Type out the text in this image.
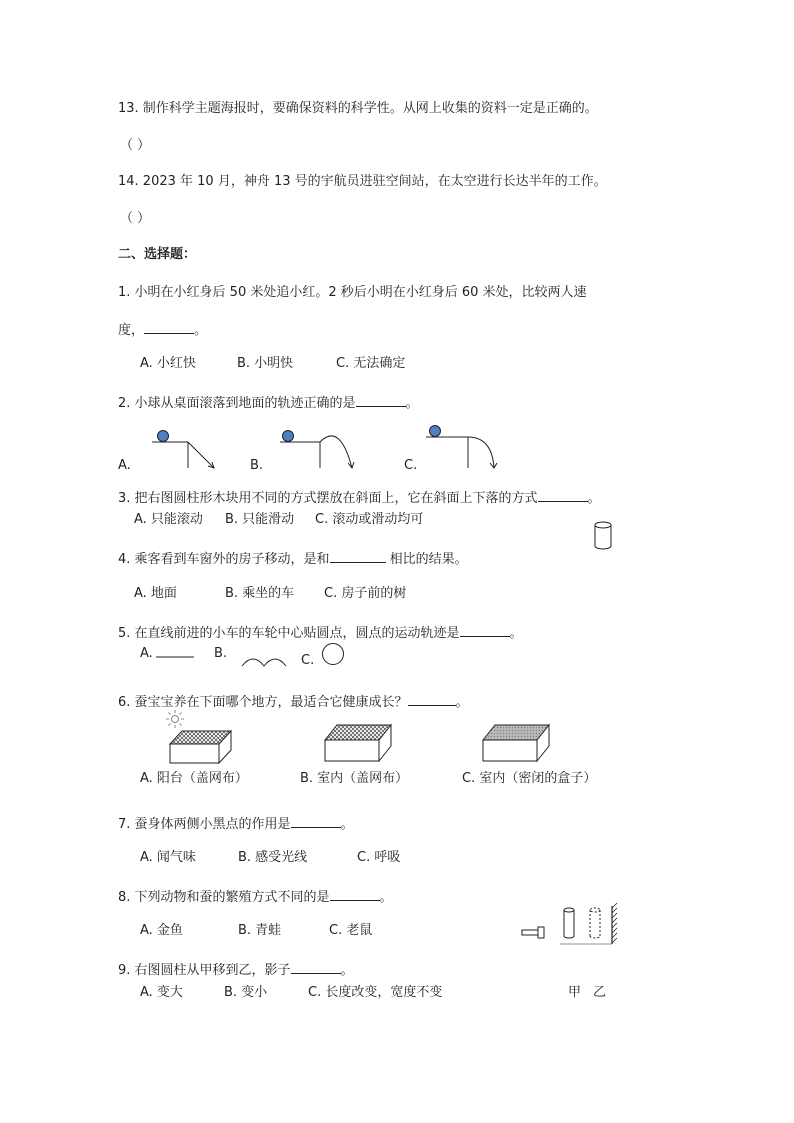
13. 制作科学主题海报时，要确保资料的科学性。从网上收集的资料一定是正确的。
（ ）
14. 2023 年 10 月，神舟 13 号的宇航员进驻空间站，在太空进行长达半年的工作。
（ ）
二、选择题：
1. 小明在小红身后 50 米处追小红。2 秒后小明在小红身后 60 米处，比较两人速
度，	。
A. 小红快	B. 小明快	C. 无法确定
2. 小球从桌面滚落到地面的轨迹正确的是	。
A.	B.	C.
3. 把右图圆柱形木块用不同的方式摆放在斜面上，它在斜面上下落的方式	。
A. 只能滚动 B. 只能滑动 C. 滚动或滑动均可
4. 乘客看到车窗外的房子移动，是和	相比的结果。
A. 地面	B. 乘坐的车 C. 房子前的树
5. 在直线前进的小车的车轮中心贴圆点，圆点的运动轨迹是	。
A.	B.	C.
6. 蚕宝宝养在下面哪个地方，最适合它健康成长？	。
A. 阳台（盖网布）	B. 室内（盖网布）	C. 室内（密闭的盒子）
7. 蚕身体两侧小黑点的作用是	。
A. 闻气味	B. 感受光线	C. 呼吸
8. 下列动物和蚕的繁殖方式不同的是	。
A. 金鱼	B. 青蛙	C. 老鼠
甲 乙
9. 右图圆柱从甲移到乙，影子	。
A. 变大	B. 变小	C. 长度改变，宽度不变
